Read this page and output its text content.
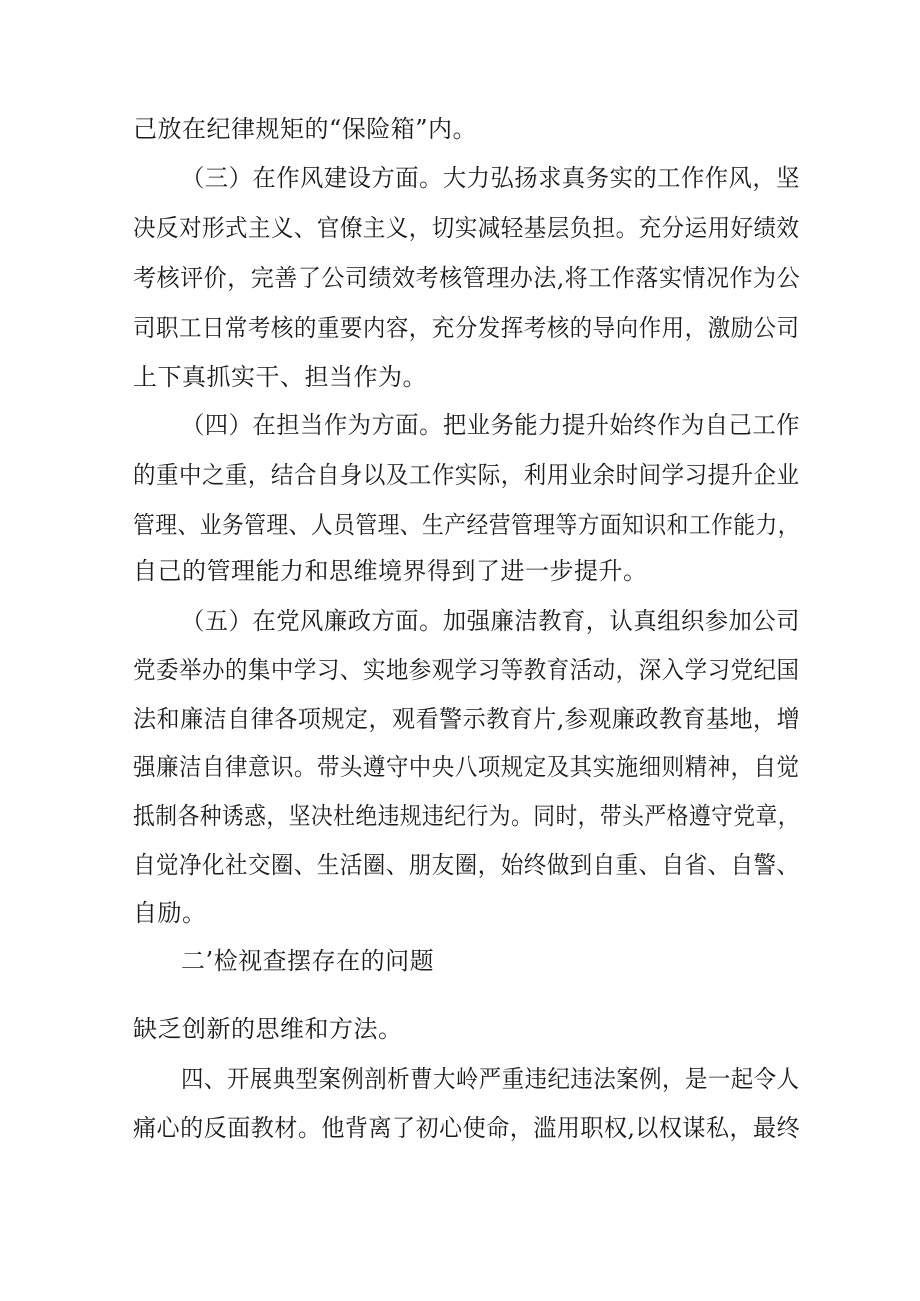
己放在纪律规矩的“保险箱”内。
（三）在作风建设方面。大力弘扬求真务实的工作作风，坚
决反对形式主义、官僚主义，切实减轻基层负担。充分运用好绩效
考核评价，完善了公司绩效考核管理办法,将工作落实情况作为公
司职工日常考核的重要内容，充分发挥考核的导向作用，激励公司
上下真抓实干、担当作为。
（四）在担当作为方面。把业务能力提升始终作为自己工作
的重中之重，结合自身以及工作实际，利用业余时间学习提升企业
管理、业务管理、人员管理、生产经营管理等方面知识和工作能力，
自己的管理能力和思维境界得到了进一步提升。
（五）在党风廉政方面。加强廉洁教育，认真组织参加公司
党委举办的集中学习、实地参观学习等教育活动，深入学习党纪国
法和廉洁自律各项规定，观看警示教育片,参观廉政教育基地，增
强廉洁自律意识。带头遵守中央八项规定及其实施细则精神，自觉
抵制各种诱惑，坚决杜绝违规违纪行为。同时，带头严格遵守党章，
自觉净化社交圈、生活圈、朋友圈，始终做到自重、自省、自警、
自励。
二’检视查摆存在的问题
缺乏创新的思维和方法。
四、开展典型案例剖析曹大岭严重违纪违法案例，是一起令人
痛心的反面教材。他背离了初心使命，滥用职权,以权谋私，最终
